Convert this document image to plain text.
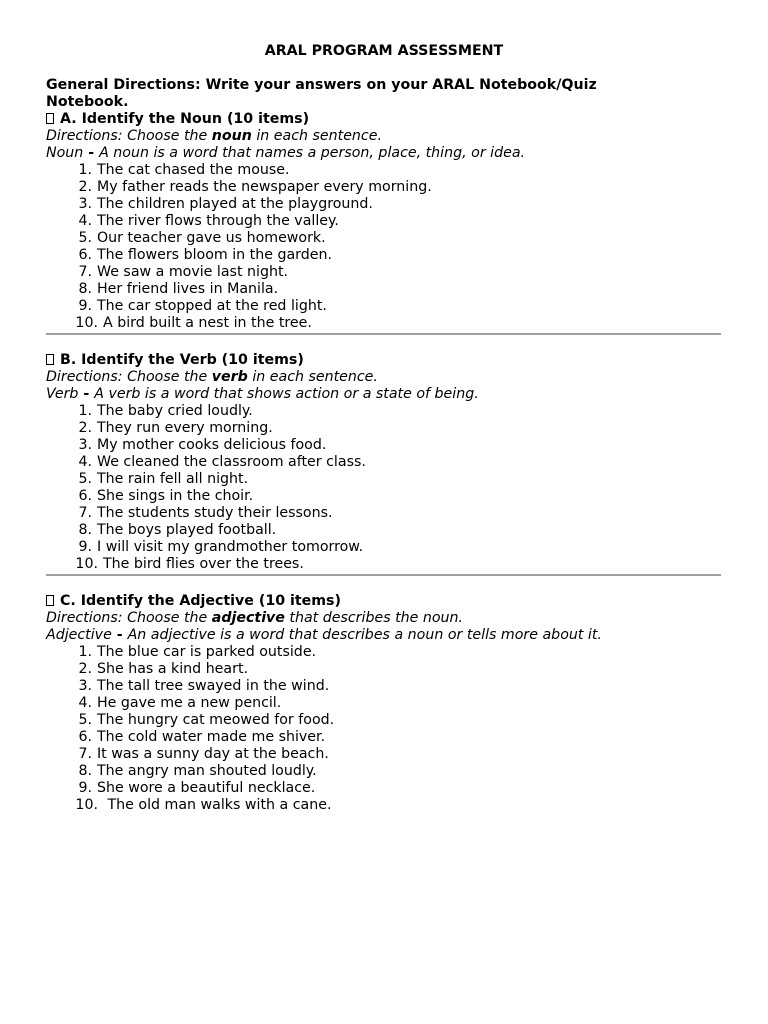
ARAL PROGRAM ASSESSMENT
General Directions: Write your answers on your ARAL Notebook/Quiz Notebook.
A. Identify the Noun (10 items)
Directions: Choose the noun in each sentence.
Noun - A noun is a word that names a person, place, thing, or idea.
1. The cat chased the mouse.
2. My father reads the newspaper every morning.
3. The children played at the playground.
4. The river flows through the valley.
5. Our teacher gave us homework.
6. The flowers bloom in the garden.
7. We saw a movie last night.
8. Her friend lives in Manila.
9. The car stopped at the red light.
10. A bird built a nest in the tree.
B. Identify the Verb (10 items)
Directions: Choose the verb in each sentence.
Verb - A verb is a word that shows action or a state of being.
1. The baby cried loudly.
2. They run every morning.
3. My mother cooks delicious food.
4. We cleaned the classroom after class.
5. The rain fell all night.
6. She sings in the choir.
7. The students study their lessons.
8. The boys played football.
9. I will visit my grandmother tomorrow.
10. The bird flies over the trees.
C. Identify the Adjective (10 items)
Directions: Choose the adjective that describes the noun.
Adjective - An adjective is a word that describes a noun or tells more about it.
1. The blue car is parked outside.
2. She has a kind heart.
3. The tall tree swayed in the wind.
4. He gave me a new pencil.
5. The hungry cat meowed for food.
6. The cold water made me shiver.
7. It was a sunny day at the beach.
8. The angry man shouted loudly.
9. She wore a beautiful necklace.
10. The old man walks with a cane.
